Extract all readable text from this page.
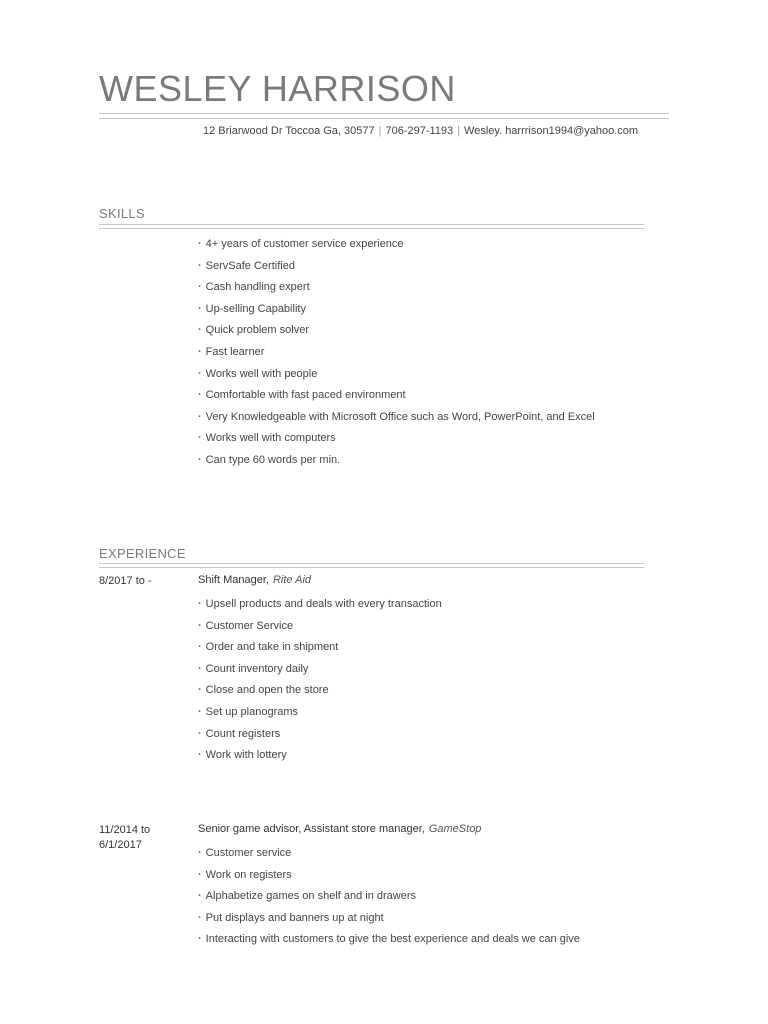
WESLEY HARRISON
12 Briarwood Dr Toccoa Ga, 30577 | 706-297-1193 | Wesley. harrrison1994@yahoo.com
SKILLS
· 4+ years of customer service experience
· ServSafe Certified
· Cash handling expert
· Up-selling Capability
· Quick problem solver
· Fast learner
· Works well with people
· Comfortable with fast paced environment
· Very Knowledgeable with Microsoft Office such as Word, PowerPoint, and Excel
· Works well with computers
· Can type 60 words per min.
EXPERIENCE
8/2017 to -	Shift Manager, Rite Aid
· Upsell products and deals with every transaction
· Customer Service
· Order and take in shipment
· Count inventory daily
· Close and open the store
· Set up planograms
· Count registers
· Work with lottery
11/2014 to
6/1/2017
Senior game advisor, Assistant store manager, GameStop
· Customer service
· Work on registers
· Alphabetize games on shelf and in drawers
· Put displays and banners up at night
· Interacting with customers to give the best experience and deals we can give
